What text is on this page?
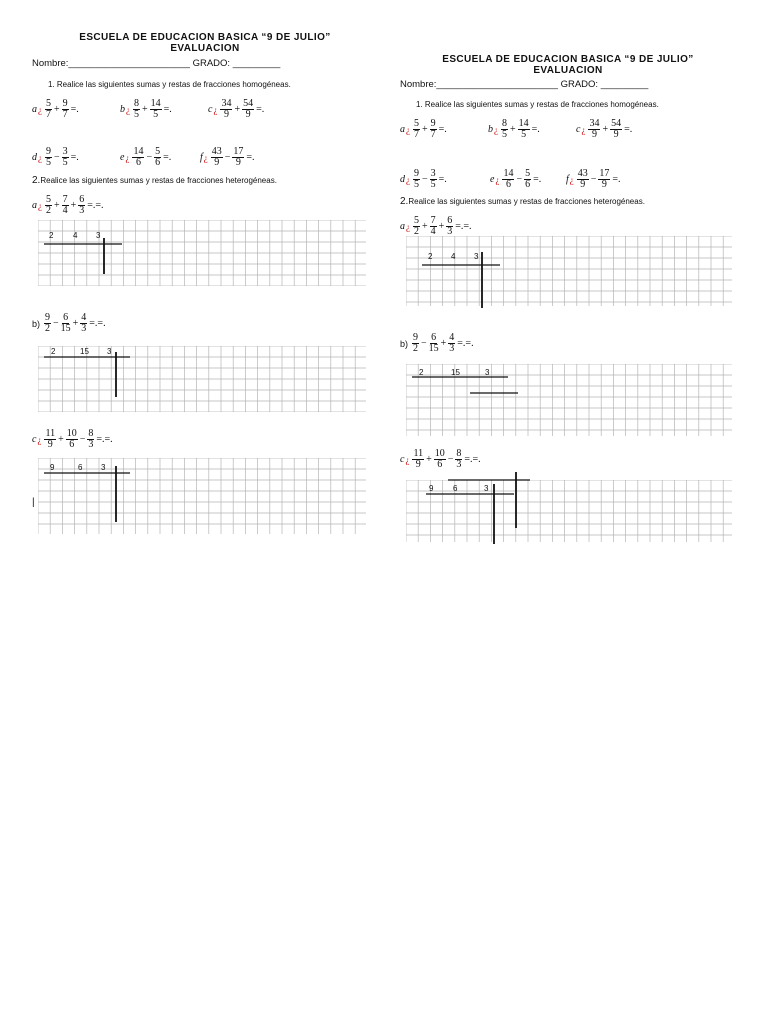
ESCUELA DE EDUCACION BASICA “9 DE JULIO”
EVALUACION
Nombre:_______________________ GRADO: _________
1. Realice las siguientes sumas y restas de fracciones homogéneas.
a ¿ $\frac{5}{7} + \frac{9}{7}$ =.	b ¿ $\frac{8}{5} + \frac{14}{5}$ =.	c ¿ $\frac{34}{9} + \frac{54}{9}$ =.
d ¿ $\frac{9}{5} - \frac{3}{5}$ =.	e ¿ $\frac{14}{6} - \frac{5}{6}$ =.	f ¿ $\frac{43}{9} - \frac{17}{9}$ =.
2.Realice las siguientes sumas y restas de fracciones heterogéneas.
a ¿ $\frac{5}{2} + \frac{7}{4} + \frac{6}{3}$ =.=.
2 4 3
$b) \frac{9}{2} - \frac{6}{15} + \frac{4}{3}$ =.=.
2	15 3
c ¿ $\frac{11}{9} + \frac{10}{6} - \frac{8}{3}$ =.=.
9	6 3
|
ESCUELA DE EDUCACION BASICA “9 DE JULIO”
EVALUACION
Nombre:_______________________ GRADO: _________
1. Realice las siguientes sumas y restas de fracciones homogéneas.
a ¿ $\frac{5}{7} + \frac{9}{7}$ =.	b ¿ $\frac{8}{5} + \frac{14}{5}$ =.	c ¿ $\frac{34}{9} + \frac{54}{9}$ =.
d ¿ $\frac{9}{5} - \frac{3}{5}$ =.	e ¿ $\frac{14}{6} - \frac{5}{6}$ =. f ¿ $\frac{43}{9} - \frac{17}{9}$ =.
2.Realice las siguientes sumas y restas de fracciones heterogéneas.
a ¿ $\frac{5}{2} + \frac{7}{4} + \frac{6}{3}$ =.=.
2 4 3
$b) \frac{9}{2} - \frac{6}{15} + \frac{4}{3}$ =.=.
2	15	3
c ¿ $\frac{11}{9} + \frac{10}{6} - \frac{8}{3}$ =.=.
9 6	3
